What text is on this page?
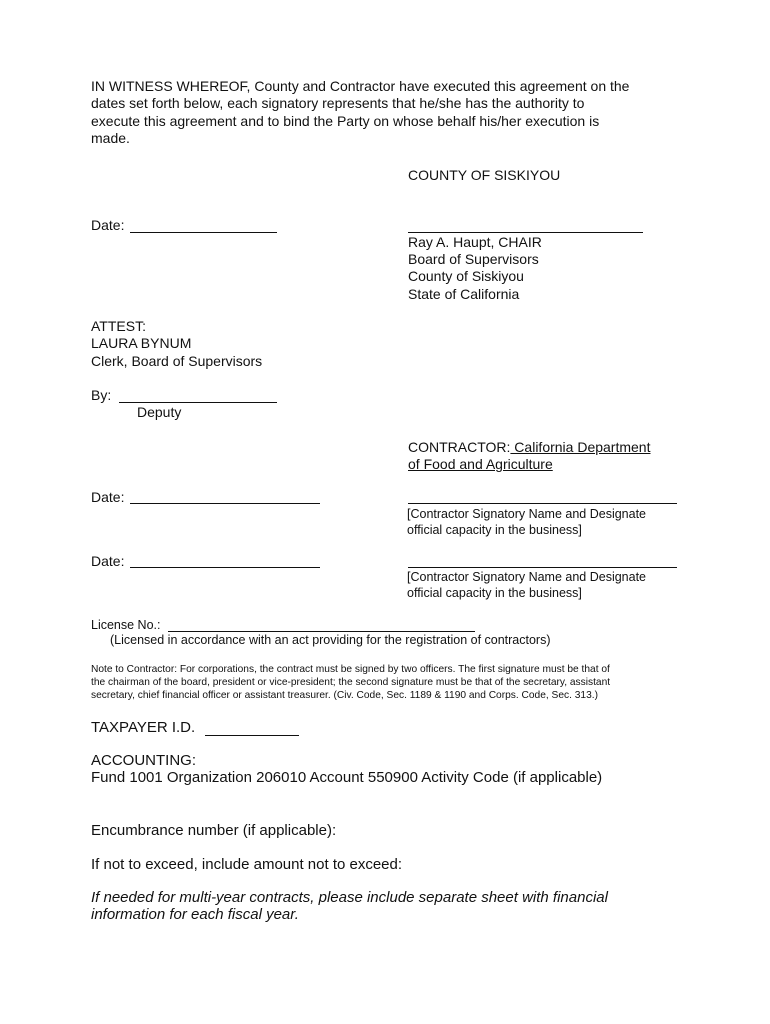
IN WITNESS WHEREOF, County and Contractor have executed this agreement on the
dates set forth below, each signatory represents that he/she has the authority to
execute this agreement and to bind the Party on whose behalf his/her execution is
made.
COUNTY OF SISKIYOU
Date:
Ray A. Haupt, CHAIR
Board of Supervisors
County of Siskiyou
State of California
ATTEST:
LAURA BYNUM
Clerk, Board of Supervisors
By:
Deputy
CONTRACTOR: California Department
of Food and Agriculture
Date:
[Contractor Signatory Name and Designate
official capacity in the business]
Date:
[Contractor Signatory Name and Designate
official capacity in the business]
License No.:
(Licensed in accordance with an act providing for the registration of contractors)
Note to Contractor: For corporations, the contract must be signed by two officers. The first signature must be that of
the chairman of the board, president or vice-president; the second signature must be that of the secretary, assistant
secretary, chief financial officer or assistant treasurer. (Civ. Code, Sec. 1189 & 1190 and Corps. Code, Sec. 313.)
TAXPAYER I.D.
ACCOUNTING:
Fund 1001 Organization 206010 Account 550900 Activity Code (if applicable)
Encumbrance number (if applicable):
If not to exceed, include amount not to exceed:
If needed for multi-year contracts, please include separate sheet with financial
information for each fiscal year.
